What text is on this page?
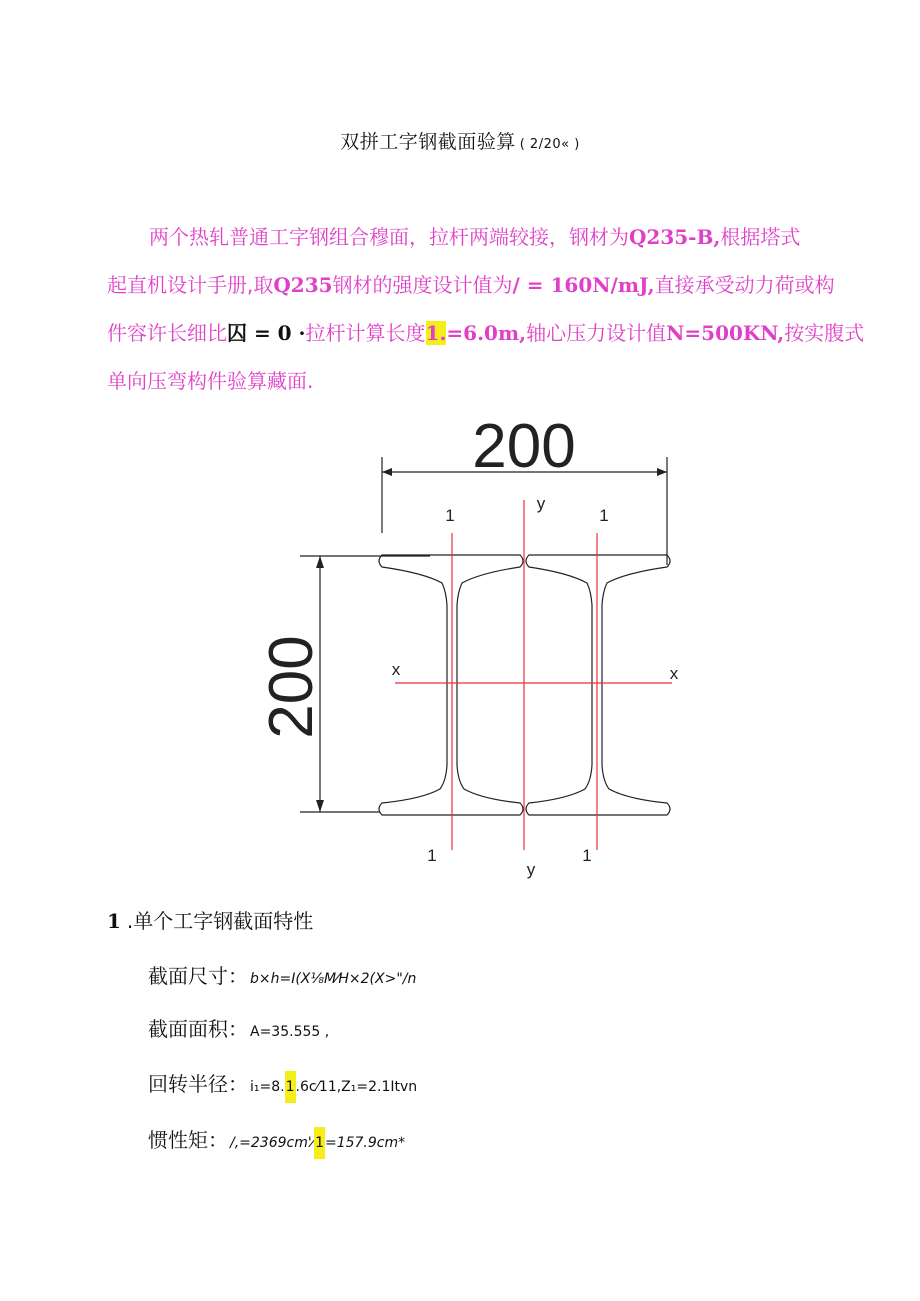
双拼工字钢截面验算 ( 2/20« )
两个热轧普通工字钢组合穆面，拉杆两端较接，钢材为Q235-B,根据塔式
起直机设计手册,取Q235钢材的强度设计值为/ = 160N/mJ,直接承受动力荷或构
件容许长细比囚 = 0 ·拉杆计算长度1.=6.0m,轴心压力设计值N=500KN,按实腹式
单向压弯构件验算藏面.
200
200
y
y
x	x
1	1
1	1
1 .单个工字钢截面特性
截面尺寸： b×h=I(X⅛M⁄H×2(X>"/n
截面面积： A=35.555 ,
回转半径： i₁=8.1.6c⁄11,Z₁=2.1Itvn
惯性矩： /,=2369cm'⁄1=157.9cm*
